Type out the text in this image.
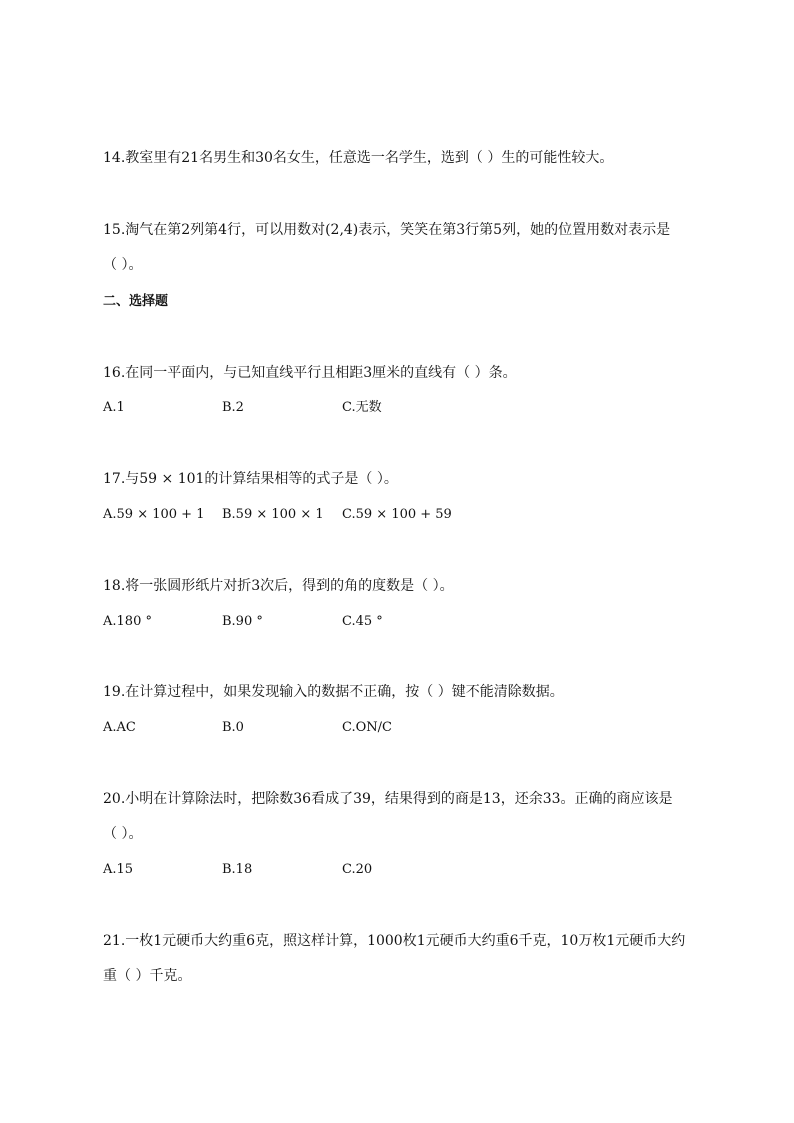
14.教室里有21名男生和30名女生，任意选一名学生，选到（ ）生的可能性较大。
15.淘气在第2列第4行，可以用数对(2,4)表示，笑笑在第3行第5列，她的位置用数对表示是
（ ）。
二、选择题
16.在同一平面内，与已知直线平行且相距3厘米的直线有（ ）条。
A.1	B.2	C.无数
17.与59 × 101的计算结果相等的式子是（ ）。
A.59 × 100 + 1 B.59 × 100 × 1 C.59 × 100 + 59
18.将一张圆形纸片对折3次后，得到的角的度数是（ ）。
A.180 °	B.90 °	C.45 °
19.在计算过程中，如果发现输入的数据不正确，按（ ）键不能清除数据。
A.AC	B.0	C.ON/C
20.小明在计算除法时，把除数36看成了39，结果得到的商是13，还余33。正确的商应该是
（ ）。
A.15	B.18	C.20
21.一枚1元硬币大约重6克，照这样计算，1000枚1元硬币大约重6千克，10万枚1元硬币大约
重（ ）千克。
